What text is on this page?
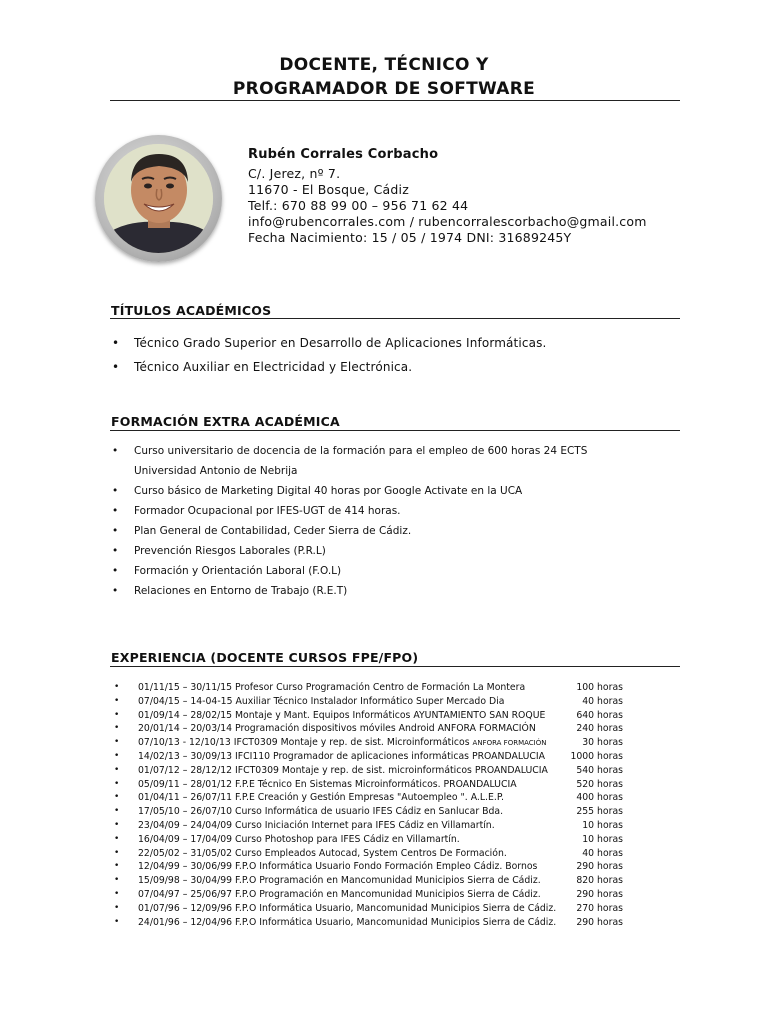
DOCENTE, TÉCNICO Y
PROGRAMADOR DE SOFTWARE
Rubén Corrales Corbacho
C/. Jerez, nº 7.
11670 - El Bosque, Cádiz
Telf.: 670 88 99 00 – 956 71 62 44
info@rubencorrales.com / rubencorralescorbacho@gmail.com
Fecha Nacimiento: 15 / 05 / 1974 DNI: 31689245Y
TÍTULOS ACADÉMICOS
• Técnico Grado Superior en Desarrollo de Aplicaciones Informáticas.
• Técnico Auxiliar en Electricidad y Electrónica.
FORMACIÓN EXTRA ACADÉMICA
• Curso universitario de docencia de la formación para el empleo de 600 horas 24 ECTS
Universidad Antonio de Nebrija
• Curso básico de Marketing Digital 40 horas por Google Activate en la UCA
• Formador Ocupacional por IFES-UGT de 414 horas.
• Plan General de Contabilidad, Ceder Sierra de Cádiz.
• Prevención Riesgos Laborales (P.R.L)
• Formación y Orientación Laboral (F.O.L)
• Relaciones en Entorno de Trabajo (R.E.T)
EXPERIENCIA (DOCENTE CURSOS FPE/FPO)
• 01/11/15 – 30/11/15 Profesor Curso Programación Centro de Formación La Montera	100 horas
• 07/04/15 – 14-04-15 Auxiliar Técnico Instalador Informático Super Mercado Dia	40 horas
• 01/09/14 – 28/02/15 Montaje y Mant. Equipos Informáticos AYUNTAMIENTO SAN ROQUE	640 horas
• 20/01/14 – 20/03/14 Programación dispositivos móviles Android ANFORA FORMACIÓN	240 horas
• 07/10/13 - 12/10/13 IFCT0309 Montaje y rep. de sist. Microinformáticos ANFORA FORMACIÓN	30 horas
• 14/02/13 – 30/09/13 IFCI110 Programador de aplicaciones informáticas PROANDALUCIA	1000 horas
• 01/07/12 – 28/12/12 IFCT0309 Montaje y rep. de sist. microinformáticos PROANDALUCIA	540 horas
• 05/09/11 – 28/01/12 F.P.E Técnico En Sistemas Microinformáticos. PROANDALUCIA	520 horas
• 01/04/11 – 26/07/11 F.P.E Creación y Gestión Empresas "Autoempleo ". A.L.E.P.	400 horas
• 17/05/10 – 26/07/10 Curso Informática de usuario IFES Cádiz en Sanlucar Bda.	255 horas
• 23/04/09 – 24/04/09 Curso Iniciación Internet para IFES Cádiz en Villamartín.	10 horas
• 16/04/09 – 17/04/09 Curso Photoshop para IFES Cádiz en Villamartín.	10 horas
• 22/05/02 – 31/05/02 Curso Empleados Autocad, System Centros De Formación.	40 horas
• 12/04/99 – 30/06/99 F.P.O Informática Usuario Fondo Formación Empleo Cádiz. Bornos	290 horas
• 15/09/98 – 30/04/99 F.P.O Programación en Mancomunidad Municipios Sierra de Cádiz.	820 horas
• 07/04/97 – 25/06/97 F.P.O Programación en Mancomunidad Municipios Sierra de Cádiz.	290 horas
• 01/07/96 – 12/09/96 F.P.O Informática Usuario, Mancomunidad Municipios Sierra de Cádiz.	270 horas
• 24/01/96 – 12/04/96 F.P.O Informática Usuario, Mancomunidad Municipios Sierra de Cádiz.	290 horas
